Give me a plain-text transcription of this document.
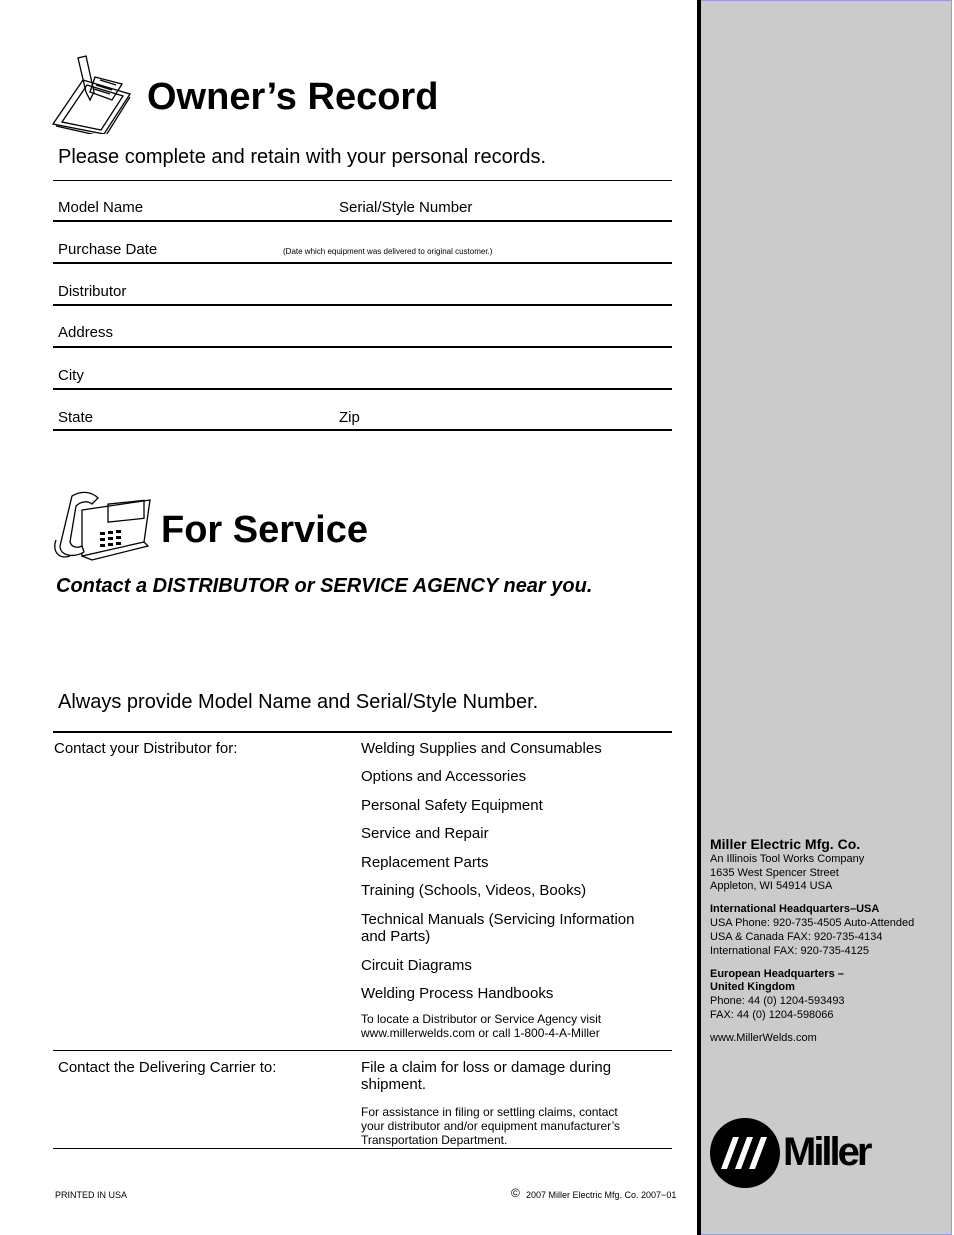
Owner’s Record
Please complete and retain with your personal records.
Model Name	Serial/Style Number
Purchase Date	(Date which equipment was delivered to original customer.)
Distributor
Address
City
State	Zip
For Service
Contact a DISTRIBUTOR or SERVICE AGENCY near you.
Always provide Model Name and Serial/Style Number.
Contact your Distributor for:	Welding Supplies and Consumables
Options and Accessories
Personal Safety Equipment
Service and Repair
Replacement Parts
Training (Schools, Videos, Books)
Technical Manuals (Servicing Information
and Parts)
Circuit Diagrams
Welding Process Handbooks
To locate a Distributor or Service Agency visit
www.millerwelds.com or call 1-800-4-A-Miller
Contact the Delivering Carrier to:	File a claim for loss or damage during
shipment.
For assistance in filing or settling claims, contact
your distributor and/or equipment manufacturer’s
Transportation Department.
PRINTED IN USA	© 2007 Miller Electric Mfg. Co. 2007−01
Miller Electric Mfg. Co.
An Illinois Tool Works Company
1635 West Spencer Street
Appleton, WI 54914 USA
International Headquarters–USA
USA Phone: 920-735-4505 Auto-Attended
USA & Canada FAX: 920-735-4134
International FAX: 920-735-4125
European Headquarters –
United Kingdom
Phone: 44 (0) 1204-593493
FAX: 44 (0) 1204-598066
www.MillerWelds.com
Miller
